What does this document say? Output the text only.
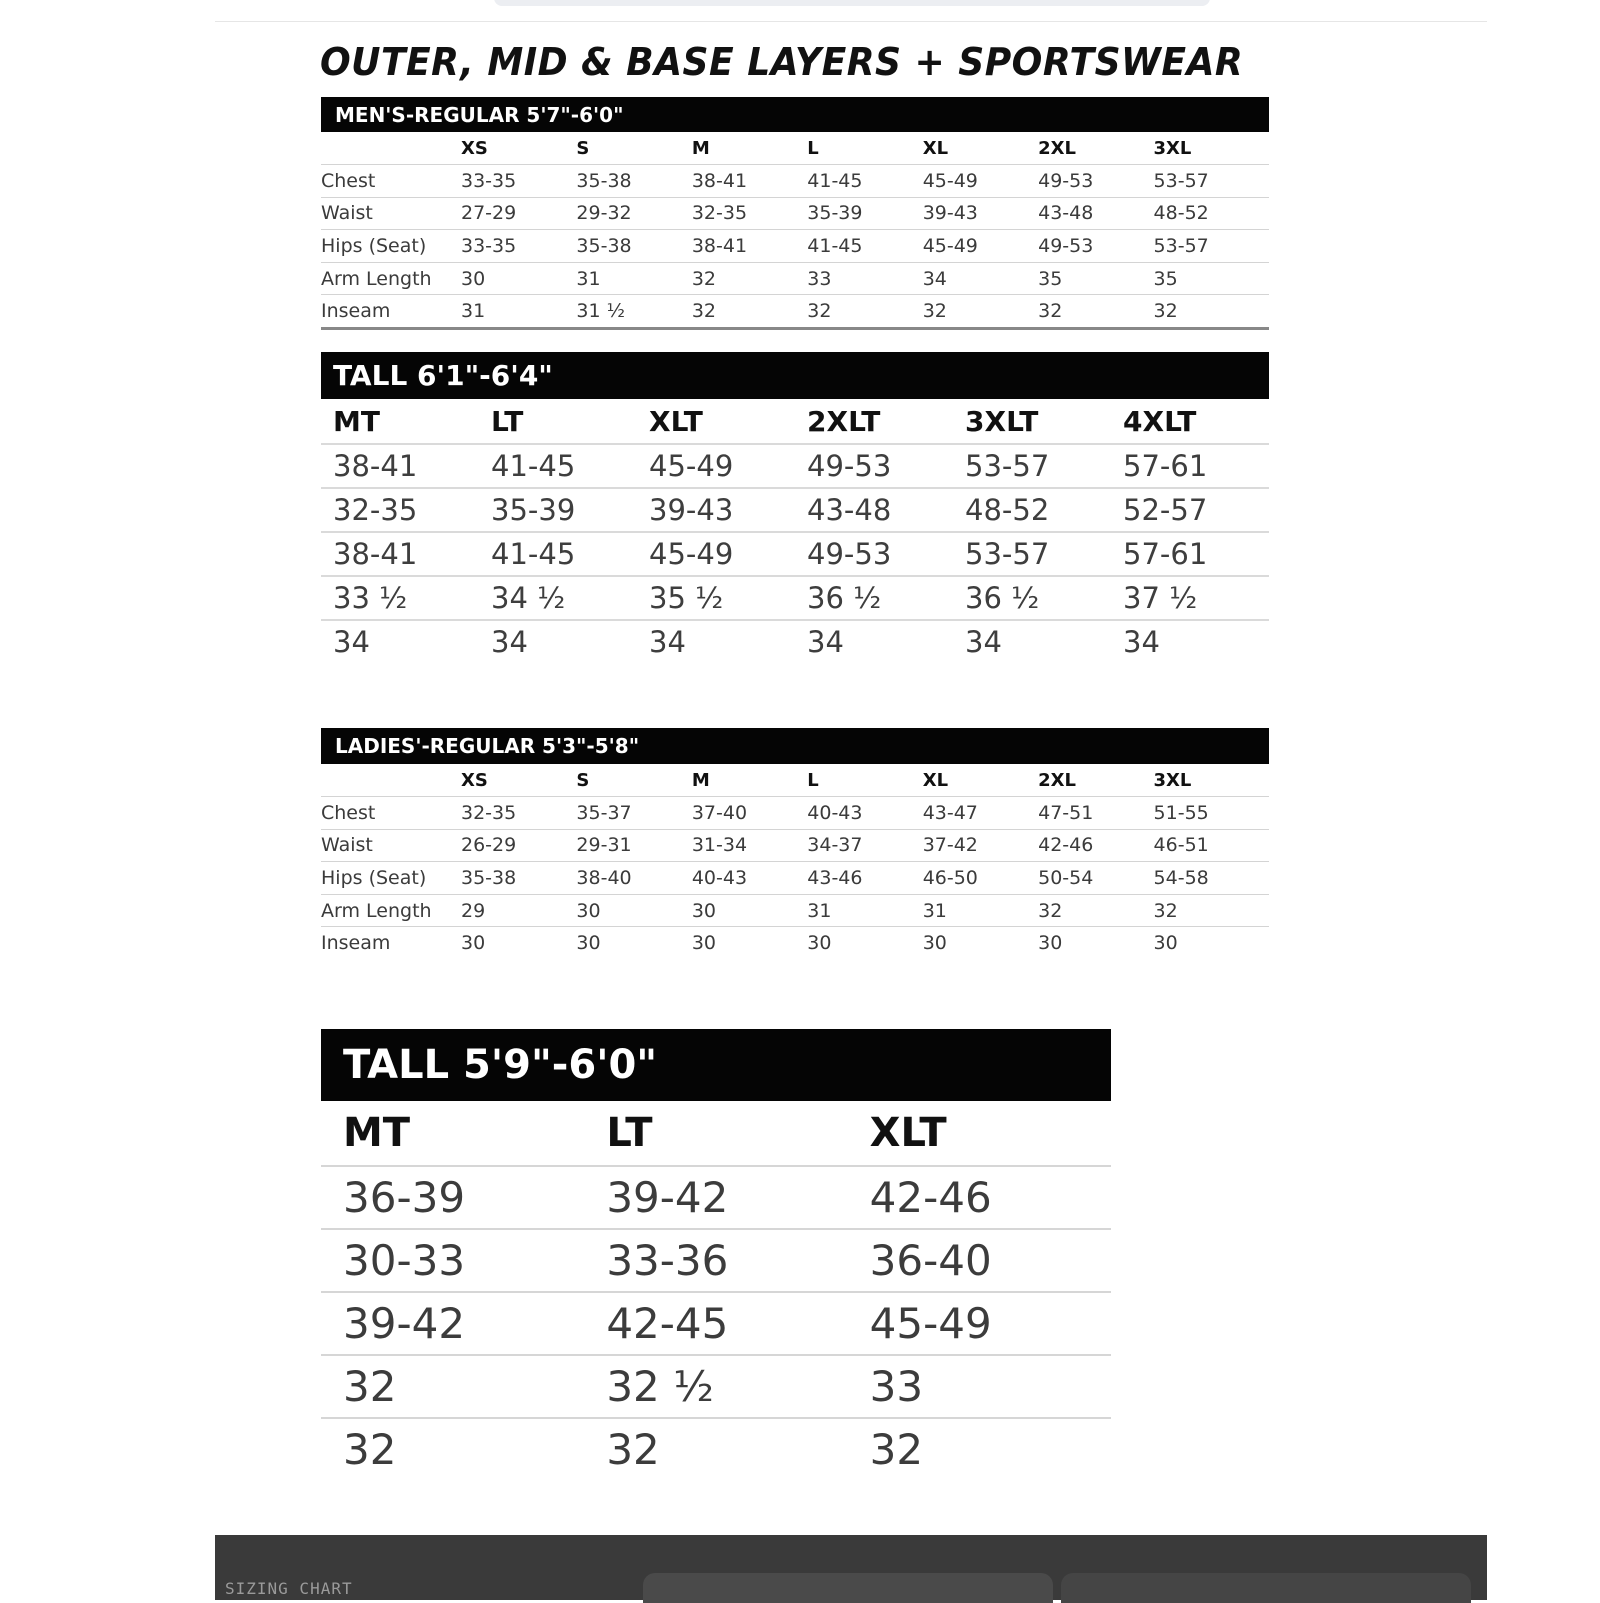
OUTER, MID & BASE LAYERS + SPORTSWEAR
MEN'S-REGULAR 5'7"-6'0"
	XS	S	M	L	XL	2XL	3XL
Chest	33-35	35-38	38-41	41-45	45-49	49-53	53-57
Waist	27-29	29-32	32-35	35-39	39-43	43-48	48-52
Hips (Seat)	33-35	35-38	38-41	41-45	45-49	49-53	53-57
Arm Length	30	31	32	33	34	35	35
Inseam	31	31 ½	32	32	32	32	32
TALL 6'1"-6'4"
MT	LT	XLT	2XLT	3XLT	4XLT
38-41	41-45	45-49	49-53	53-57	57-61
32-35	35-39	39-43	43-48	48-52	52-57
38-41	41-45	45-49	49-53	53-57	57-61
33 ½	34 ½	35 ½	36 ½	36 ½	37 ½
34	34	34	34	34	34
LADIES'-REGULAR 5'3"-5'8"
	XS	S	M	L	XL	2XL	3XL
Chest	32-35	35-37	37-40	40-43	43-47	47-51	51-55
Waist	26-29	29-31	31-34	34-37	37-42	42-46	46-51
Hips (Seat)	35-38	38-40	40-43	43-46	46-50	50-54	54-58
Arm Length	29	30	30	31	31	32	32
Inseam	30	30	30	30	30	30	30
TALL 5'9"-6'0"
MT	LT	XLT
36-39	39-42	42-46
30-33	33-36	36-40
39-42	42-45	45-49
32	32 ½	33
32	32	32
SIZING CHART
